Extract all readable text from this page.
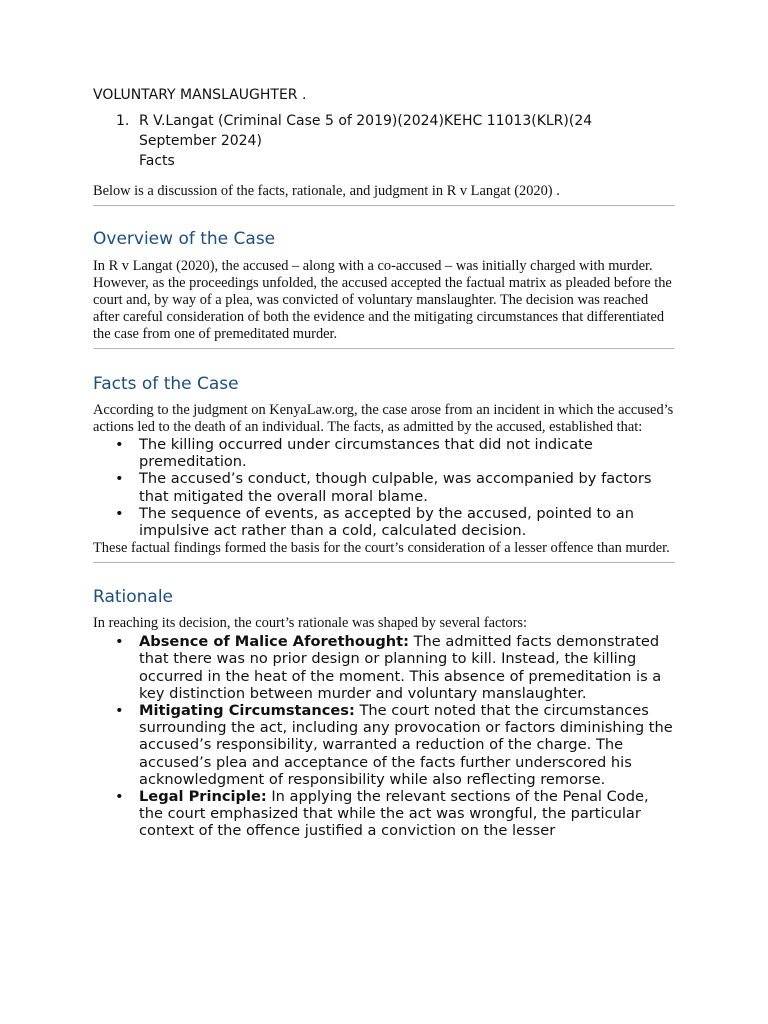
VOLUNTARY MANSLAUGHTER .
1. R V.Langat (Criminal Case 5 of 2019)(2024)KEHC 11013(KLR)(24
September 2024)
Facts

Below is a discussion of the facts, rationale, and judgment in R v Langat (2020) .

Overview of the Case

In R v Langat (2020), the accused – along with a co-accused – was initially charged with murder. However, as the proceedings unfolded, the accused accepted the factual matrix as pleaded before the court and, by way of a plea, was convicted of voluntary manslaughter. The decision was reached after careful consideration of both the evidence and the mitigating circumstances that differentiated the case from one of premeditated murder.

Facts of the Case

According to the judgment on KenyaLaw.org, the case arose from an incident in which the accused’s actions led to the death of an individual. The facts, as admitted by the accused, established that:

• The killing occurred under circumstances that did not indicate premeditation.
• The accused’s conduct, though culpable, was accompanied by factors that mitigated the overall moral blame.
• The sequence of events, as accepted by the accused, pointed to an impulsive act rather than a cold, calculated decision.

These factual findings formed the basis for the court’s consideration of a lesser offence than murder.

Rationale

In reaching its decision, the court’s rationale was shaped by several factors:

• Absence of Malice Aforethought: The admitted facts demonstrated that there was no prior design or planning to kill. Instead, the killing occurred in the heat of the moment. This absence of premeditation is a key distinction between murder and voluntary manslaughter.
• Mitigating Circumstances: The court noted that the circumstances surrounding the act, including any provocation or factors diminishing the accused’s responsibility, warranted a reduction of the charge. The accused’s plea and acceptance of the facts further underscored his acknowledgment of responsibility while also reflecting remorse.
• Legal Principle: In applying the relevant sections of the Penal Code, the court emphasized that while the act was wrongful, the particular context of the offence justified a conviction on the lesser
